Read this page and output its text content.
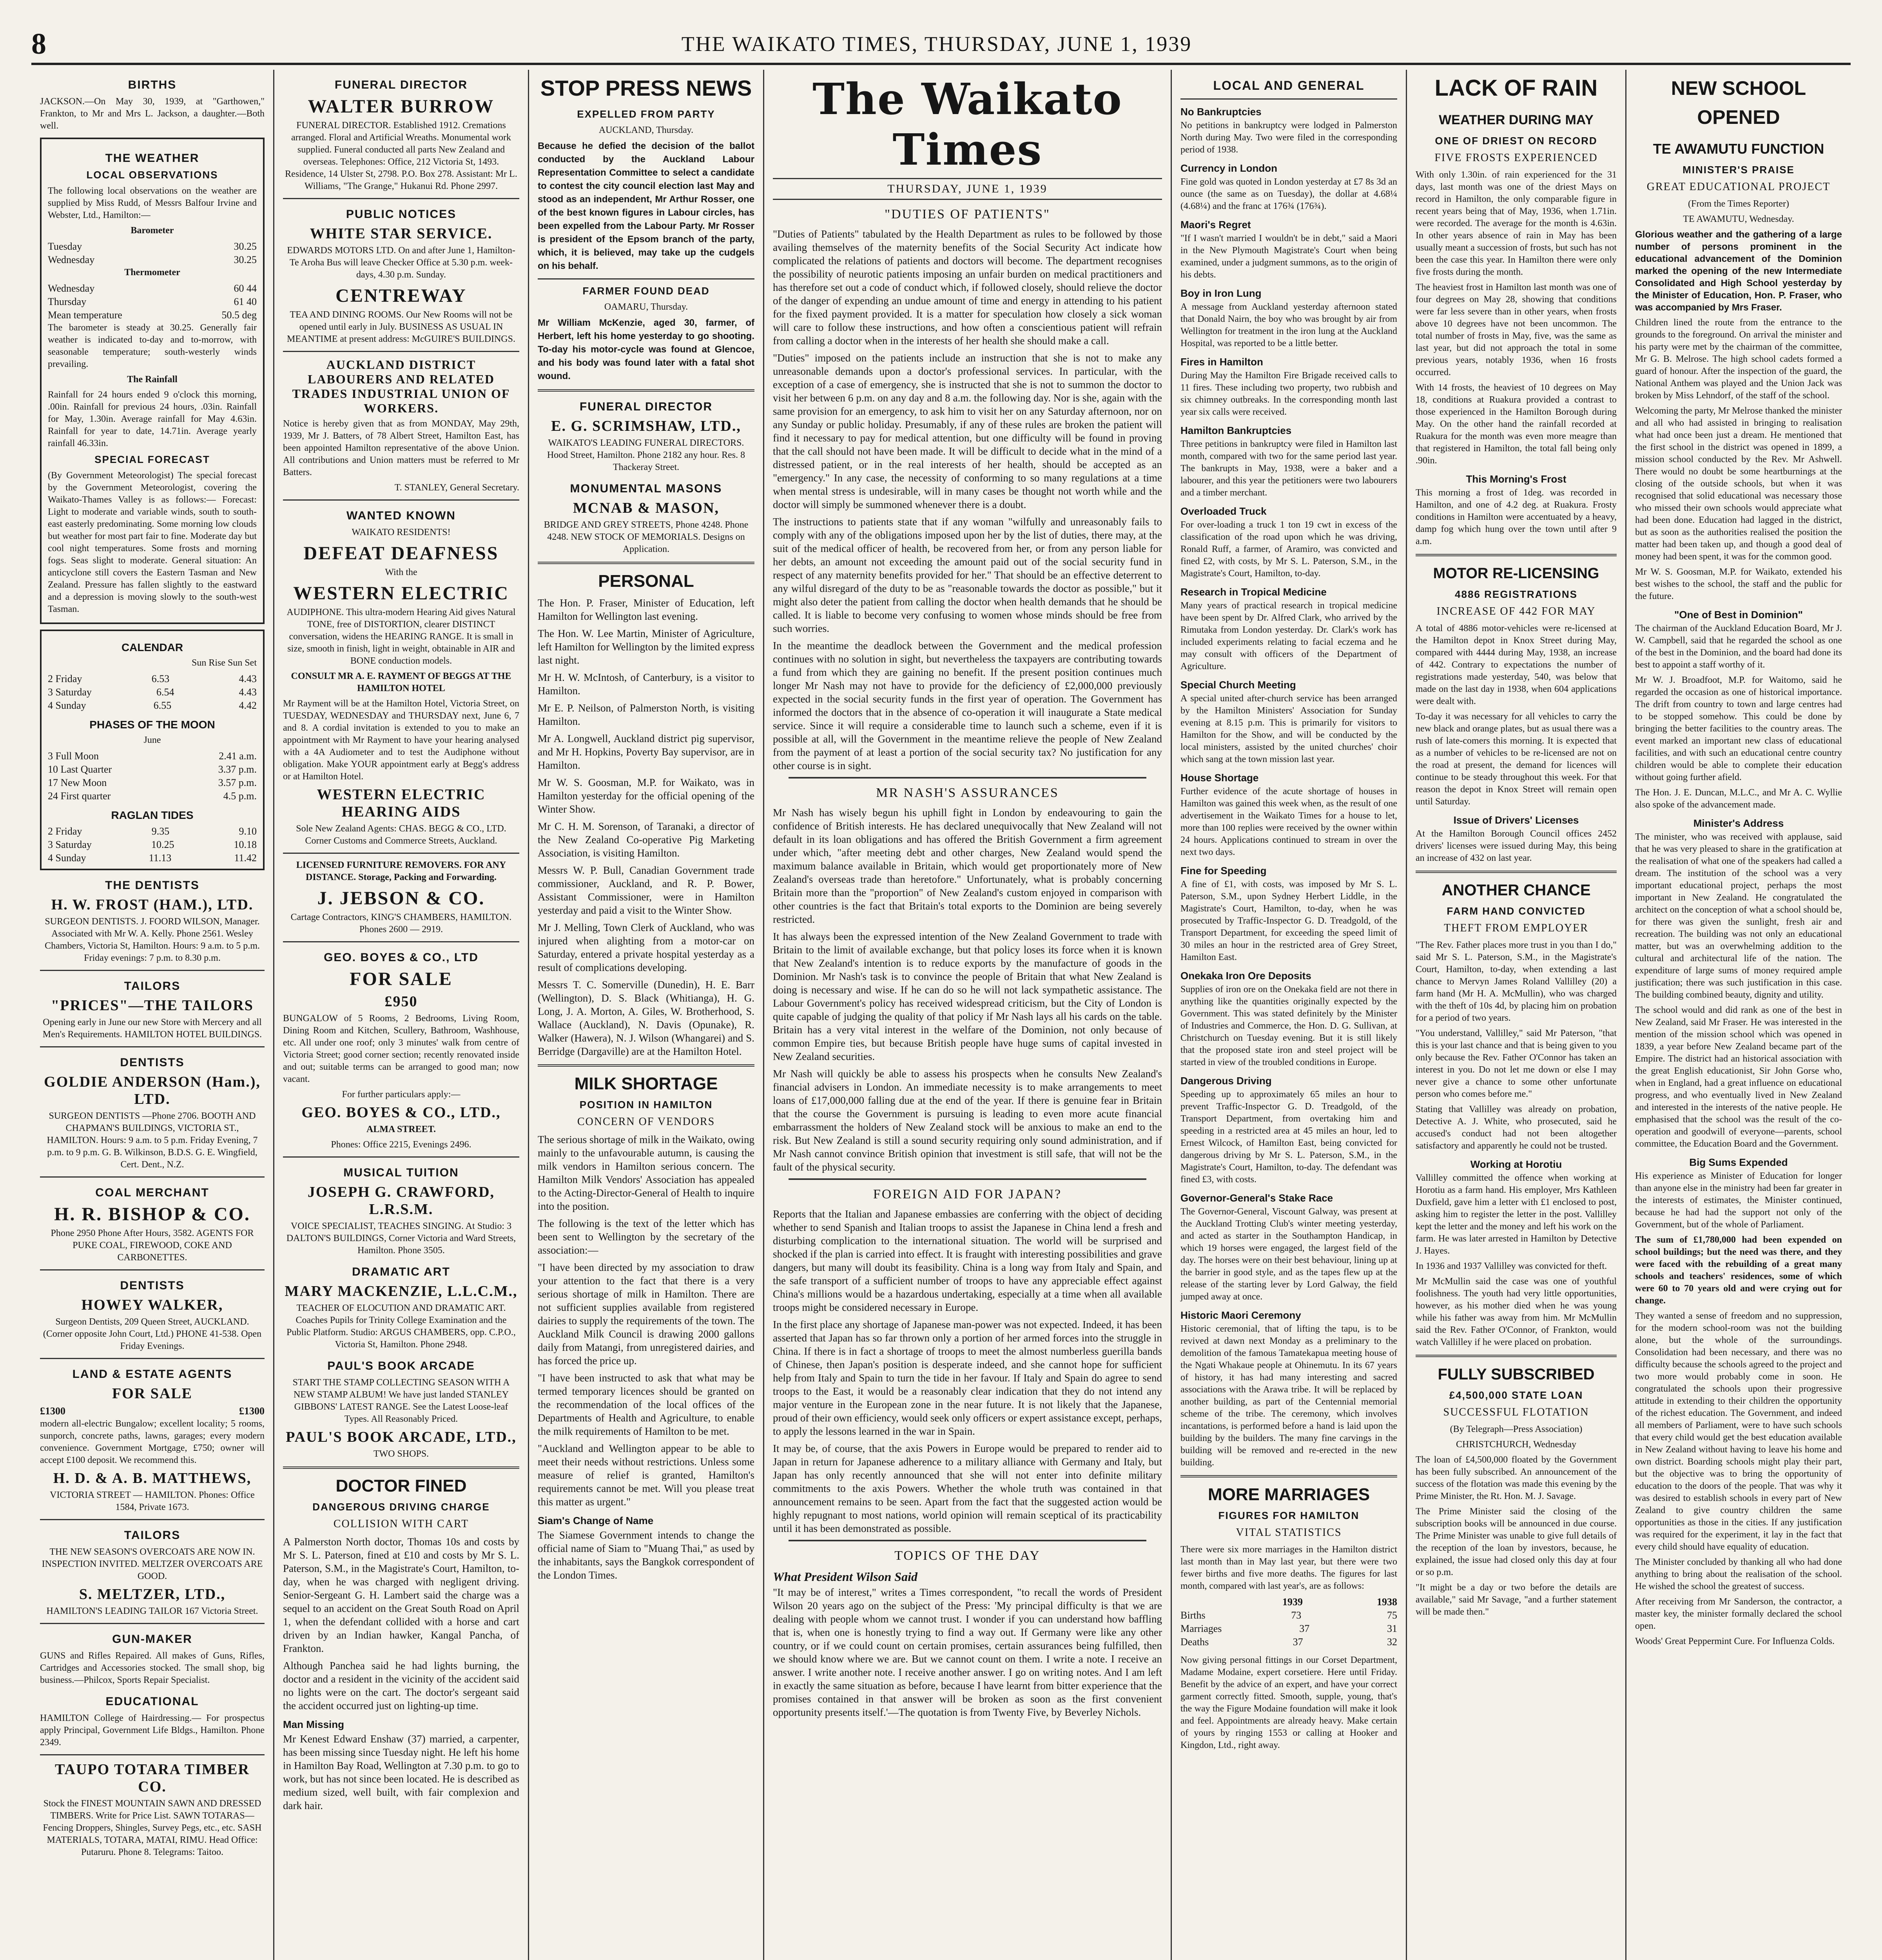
8	THE WAIKATO TIMES, THURSDAY, JUNE 1, 1939
BIRTHS

JACKSON.—On May 30, 1939, at "Garthowen," Frankton, to Mr and Mrs L. Jackson, a daughter.—Both well.

THE WEATHER
LOCAL OBSERVATIONS

The following local observations on the weather are supplied by Miss Rudd, of Messrs Balfour Irvine and Webster, Ltd., Hamilton:—

Barometer
Tuesday	30.25
Wednesday	30.25
Thermometer
Wednesday	60 44
Thursday	61 40
Mean temperature	50.5 deg

The barometer is steady at 30.25. Generally fair weather is indicated to-day and to-morrow, with seasonable temperature; south-westerly winds prevailing.

The Rainfall

Rainfall for 24 hours ended 9 o'clock this morning, .00in. Rainfall for previous 24 hours, .03in. Rainfall for May, 1.30in. Average rainfall for May 4.63in. Rainfall for year to date, 14.71in. Average yearly rainfall 46.33in.

SPECIAL FORECAST

(By Government Meteorologist) The special forecast by the Government Meteorologist, covering the Waikato-Thames Valley is as follows:— Forecast: Light to moderate and variable winds, south to south-east easterly predominating. Some morning low clouds but weather for most part fair to fine. Moderate day but cool night temperatures. Some frosts and morning fogs. Seas slight to moderate. General situation: An anticyclone still covers the Eastern Tasman and New Zealand. Pressure has fallen slightly to the eastward and a depression is moving slowly to the south-west Tasman.

CALENDAR
Sun Rise Sun Set
2 Friday	6.53	4.43
3 Saturday	6.54	4.43
4 Sunday	6.55	4.42
PHASES OF THE MOON
June
3 Full Moon	2.41 a.m.
10 Last Quarter	3.37 p.m.
17 New Moon	3.57 p.m.
24 First quarter	4.5 p.m.
RAGLAN TIDES
2 Friday	9.35	9.10
3 Saturday	10.25	10.18
4 Sunday	11.13	11.42
THE DENTISTS
H. W. FROST (HAM.), LTD.

SURGEON DENTISTS. J. FOORD WILSON, Manager. Associated with Mr W. A. Kelly. Phone 2561. Wesley Chambers, Victoria St, Hamilton. Hours: 9 a.m. to 5 p.m. Friday evenings: 7 p.m. to 8.30 p.m.

TAILORS
"PRICES"—THE TAILORS

Opening early in June our new Store with Mercery and all Men's Requirements. HAMILTON HOTEL BUILDINGS.

DENTISTS
GOLDIE ANDERSON (Ham.), LTD.

SURGEON DENTISTS —Phone 2706. BOOTH AND CHAPMAN'S BUILDINGS, VICTORIA ST., HAMILTON. Hours: 9 a.m. to 5 p.m. Friday Evening, 7 p.m. to 9 p.m. G. B. Wilkinson, B.D.S. G. E. Wingfield, Cert. Dent., N.Z.

COAL MERCHANT
H. R. BISHOP & CO.

Phone 2950 Phone After Hours, 3582. AGENTS FOR PUKE COAL, FIREWOOD, COKE AND CARBONETTES.

DENTISTS
HOWEY WALKER,

Surgeon Dentists, 209 Queen Street, AUCKLAND. (Corner opposite John Court, Ltd.) PHONE 41-538. Open Friday Evenings.

LAND & ESTATE AGENTS
FOR SALE
£1300	£1300

modern all-electric Bungalow; excellent locality; 5 rooms, sunporch, concrete paths, lawns, garages; every modern convenience. Government Mortgage, £750; owner will accept £100 deposit. We recommend this.

H. D. & A. B. MATTHEWS,

VICTORIA STREET — HAMILTON. Phones: Office 1584, Private 1673.

TAILORS

THE NEW SEASON'S OVERCOATS ARE NOW IN. INSPECTION INVITED. MELTZER OVERCOATS ARE GOOD.

S. MELTZER, LTD.,

HAMILTON'S LEADING TAILOR 167 Victoria Street.

GUN-MAKER

GUNS and Rifles Repaired. All makes of Guns, Rifles, Cartridges and Accessories stocked. The small shop, big business.—Philcox, Sports Repair Specialist.

EDUCATIONAL

HAMILTON College of Hairdressing.— For prospectus apply Principal, Government Life Bldgs., Hamilton. Phone 2349.

TAUPO TOTARA TIMBER CO.

Stock the FINEST MOUNTAIN SAWN AND DRESSED TIMBERS. Write for Price List. SAWN TOTARAS—Fencing Droppers, Shingles, Survey Pegs, etc., etc. SASH MATERIALS, TOTARA, MATAI, RIMU. Head Office: Putaruru. Phone 8. Telegrams: Taitoo.

FUNERAL DIRECTOR
WALTER BURROW

FUNERAL DIRECTOR. Established 1912. Cremations arranged. Floral and Artificial Wreaths. Monumental work supplied. Funeral conducted all parts New Zealand and overseas. Telephones: Office, 212 Victoria St, 1493. Residence, 14 Ulster St, 2798. P.O. Box 278. Assistant: Mr L. Williams, "The Grange," Hukanui Rd. Phone 2997.

PUBLIC NOTICES
WHITE STAR SERVICE.

EDWARDS MOTORS LTD. On and after June 1, Hamilton-Te Aroha Bus will leave Checker Office at 5.30 p.m. week-days, 4.30 p.m. Sunday.

CENTREWAY

TEA AND DINING ROOMS. Our New Rooms will not be opened until early in July. BUSINESS AS USUAL IN MEANTIME at present address: McGUIRE'S BUILDINGS.

AUCKLAND DISTRICT LABOURERS AND RELATED TRADES INDUSTRIAL UNION OF WORKERS.

Notice is hereby given that as from MONDAY, May 29th, 1939, Mr J. Batters, of 78 Albert Street, Hamilton East, has been appointed Hamilton representative of the above Union. All contributions and Union matters must be referred to Mr Batters.

T. STANLEY, General Secretary.

WANTED KNOWN
WAIKATO RESIDENTS!
DEFEAT DEAFNESS
With the
WESTERN ELECTRIC

AUDIPHONE. This ultra-modern Hearing Aid gives Natural TONE, free of DISTORTION, clearer DISTINCT conversation, widens the HEARING RANGE. It is small in size, smooth in finish, light in weight, obtainable in AIR and BONE conduction models.

CONSULT MR A. E. RAYMENT OF BEGGS AT THE HAMILTON HOTEL

Mr Rayment will be at the Hamilton Hotel, Victoria Street, on TUESDAY, WEDNESDAY and THURSDAY next, June 6, 7 and 8. A cordial invitation is extended to you to make an appointment with Mr Rayment to have your hearing analysed with a 4A Audiometer and to test the Audiphone without obligation. Make YOUR appointment early at Begg's address or at Hamilton Hotel.

WESTERN ELECTRIC HEARING AIDS

Sole New Zealand Agents: CHAS. BEGG & CO., LTD. Corner Customs and Commerce Streets, Auckland.

LICENSED FURNITURE REMOVERS. FOR ANY DISTANCE. Storage, Packing and Forwarding.

J. JEBSON & CO.

Cartage Contractors, KING'S CHAMBERS, HAMILTON. Phones 2600 — 2919.

GEO. BOYES & CO., LTD
FOR SALE
£950

BUNGALOW of 5 Rooms, 2 Bedrooms, Living Room, Dining Room and Kitchen, Scullery, Bathroom, Washhouse, etc. All under one roof; only 3 minutes' walk from centre of Victoria Street; good corner section; recently renovated inside and out; suitable terms can be arranged to good man; now vacant.

For further particulars apply:—

GEO. BOYES & CO., LTD.,
ALMA STREET.

Phones: Office 2215, Evenings 2496.

MUSICAL TUITION
JOSEPH G. CRAWFORD, L.R.S.M.

VOICE SPECIALIST, TEACHES SINGING. At Studio: 3 DALTON'S BUILDINGS, Corner Victoria and Ward Streets, Hamilton. Phone 3505.

DRAMATIC ART
MARY MACKENZIE, L.L.C.M.,

TEACHER OF ELOCUTION AND DRAMATIC ART. Coaches Pupils for Trinity College Examination and the Public Platform. Studio: ARGUS CHAMBERS, opp. C.P.O., Victoria St, Hamilton. Phone 2948.

PAUL'S BOOK ARCADE

START THE STAMP COLLECTING SEASON WITH A NEW STAMP ALBUM! We have just landed STANLEY GIBBONS' LATEST RANGE. See the Latest Loose-leaf Types. All Reasonably Priced.

PAUL'S BOOK ARCADE, LTD.,
TWO SHOPS.
DOCTOR FINED
DANGEROUS DRIVING CHARGE
COLLISION WITH CART

A Palmerston North doctor, Thomas 10s and costs by Mr S. L. Paterson, fined at £10 and costs by Mr S. L. Paterson, S.M., in the Magistrate's Court, Hamilton, to-day, when he was charged with negligent driving. Senior-Sergeant G. H. Lambert said the charge was a sequel to an accident on the Great South Road on April 1, when the defendant collided with a horse and cart driven by an Indian hawker, Kangal Pancha, of Frankton.

Although Panchea said he had lights burning, the doctor and a resident in the vicinity of the accident said no lights were on the cart. The doctor's sergeant said the accident occurred just on lighting-up time.

Man Missing

Mr Kenest Edward Enshaw (37) married, a carpenter, has been missing since Tuesday night. He left his home in Hamilton Bay Road, Wellington at 7.30 p.m. to go to work, but has not since been located. He is described as medium sized, well built, with fair complexion and dark hair.

STOP PRESS NEWS
EXPELLED FROM PARTY
AUCKLAND, Thursday.

Because he defied the decision of the ballot conducted by the Auckland Labour Representation Committee to select a candidate to contest the city council election last May and stood as an independent, Mr Arthur Rosser, one of the best known figures in Labour circles, has been expelled from the Labour Party. Mr Rosser is president of the Epsom branch of the party, which, it is believed, may take up the cudgels on his behalf.

FARMER FOUND DEAD
OAMARU, Thursday.

Mr William McKenzie, aged 30, farmer, of Herbert, left his home yesterday to go shooting. To-day his motor-cycle was found at Glencoe, and his body was found later with a fatal shot wound.

FUNERAL DIRECTOR
E. G. SCRIMSHAW, LTD.,

WAIKATO'S LEADING FUNERAL DIRECTORS. Hood Street, Hamilton. Phone 2182 any hour. Res. 8 Thackeray Street.

MONUMENTAL MASONS
MCNAB & MASON,

BRIDGE AND GREY STREETS, Phone 4248. Phone 4248. NEW STOCK OF MEMORIALS. Designs on Application.

PERSONAL

The Hon. P. Fraser, Minister of Education, left Hamilton for Wellington last evening.

The Hon. W. Lee Martin, Minister of Agriculture, left Hamilton for Wellington by the limited express last night.

Mr H. W. McIntosh, of Canterbury, is a visitor to Hamilton.

Mr E. P. Neilson, of Palmerston North, is visiting Hamilton.

Mr A. Longwell, Auckland district pig supervisor, and Mr H. Hopkins, Poverty Bay supervisor, are in Hamilton.

Mr W. S. Goosman, M.P. for Waikato, was in Hamilton yesterday for the official opening of the Winter Show.

Mr C. H. M. Sorenson, of Taranaki, a director of the New Zealand Co-operative Pig Marketing Association, is visiting Hamilton.

Messrs W. P. Bull, Canadian Government trade commissioner, Auckland, and R. P. Bower, Assistant Commissioner, were in Hamilton yesterday and paid a visit to the Winter Show.

Mr J. Melling, Town Clerk of Auckland, who was injured when alighting from a motor-car on Saturday, entered a private hospital yesterday as a result of complications developing.

Messrs T. C. Somerville (Dunedin), H. E. Barr (Wellington), D. S. Black (Whitianga), H. G. Long, J. A. Morton, A. Giles, W. Brotherhood, S. Wallace (Auckland), N. Davis (Opunake), R. Walker (Hawera), N. J. Wilson (Whangarei) and S. Berridge (Dargaville) are at the Hamilton Hotel.

MILK SHORTAGE
POSITION IN HAMILTON
CONCERN OF VENDORS

The serious shortage of milk in the Waikato, owing mainly to the unfavourable autumn, is causing the milk vendors in Hamilton serious concern. The Hamilton Milk Vendors' Association has appealed to the Acting-Director-General of Health to inquire into the position.

The following is the text of the letter which has been sent to Wellington by the secretary of the association:—

"I have been directed by my association to draw your attention to the fact that there is a very serious shortage of milk in Hamilton. There are not sufficient supplies available from registered dairies to supply the requirements of the town. The Auckland Milk Council is drawing 2000 gallons daily from Matangi, from unregistered dairies, and has forced the price up.

"I have been instructed to ask that what may be termed temporary licences should be granted on the recommendation of the local offices of the Departments of Health and Agriculture, to enable the milk requirements of Hamilton to be met.

"Auckland and Wellington appear to be able to meet their needs without restrictions. Unless some measure of relief is granted, Hamilton's requirements cannot be met. Will you please treat this matter as urgent."

Siam's Change of Name

The Siamese Government intends to change the official name of Siam to "Muang Thai," as used by the inhabitants, says the Bangkok correspondent of the London Times.

The Waikato Times
THURSDAY, JUNE 1, 1939
"DUTIES OF PATIENTS"

"Duties of Patients" tabulated by the Health Department as rules to be followed by those availing themselves of the maternity benefits of the Social Security Act indicate how complicated the relations of patients and doctors will become. The department recognises the possibility of neurotic patients imposing an unfair burden on medical practitioners and has therefore set out a code of conduct which, if followed closely, should relieve the doctor of the danger of expending an undue amount of time and energy in attending to his patient for the fixed payment provided. It is a matter for speculation how closely a sick woman will care to follow these instructions, and how often a conscientious patient will refrain from calling a doctor when in the interests of her health she should make a call.

"Duties" imposed on the patients include an instruction that she is not to make any unreasonable demands upon a doctor's professional services. In particular, with the exception of a case of emergency, she is instructed that she is not to summon the doctor to visit her between 6 p.m. on any day and 8 a.m. the following day. Nor is she, again with the same provision for an emergency, to ask him to visit her on any Saturday afternoon, nor on any Sunday or public holiday. Presumably, if any of these rules are broken the patient will find it necessary to pay for medical attention, but one difficulty will be found in proving that the call should not have been made. It will be difficult to decide what in the mind of a distressed patient, or in the real interests of her health, should be accepted as an "emergency." In any case, the necessity of conforming to so many regulations at a time when mental stress is undesirable, will in many cases be thought not worth while and the doctor will simply be summoned whenever there is a doubt.

The instructions to patients state that if any woman "wilfully and unreasonably fails to comply with any of the obligations imposed upon her by the list of duties, there may, at the suit of the medical officer of health, be recovered from her, or from any person liable for her debts, an amount not exceeding the amount paid out of the social security fund in respect of any maternity benefits provided for her." That should be an effective deterrent to any wilful disregard of the duty to be as "reasonable towards the doctor as possible," but it might also deter the patient from calling the doctor when health demands that he should be called. It is liable to become very confusing to women whose minds should be free from such worries.

In the meantime the deadlock between the Government and the medical profession continues with no solution in sight, but nevertheless the taxpayers are contributing towards a fund from which they are gaining no benefit. If the present position continues much longer Mr Nash may not have to provide for the deficiency of £2,000,000 previously expected in the social security funds in the first year of operation. The Government has informed the doctors that in the absence of co-operation it will inaugurate a State medical service. Since it will require a considerable time to launch such a scheme, even if it is possible at all, will the Government in the meantime relieve the people of New Zealand from the payment of at least a portion of the social security tax? No justification for any other course is in sight.

MR NASH'S ASSURANCES

Mr Nash has wisely begun his uphill fight in London by endeavouring to gain the confidence of British interests. He has declared unequivocally that New Zealand will not default in its loan obligations and has offered the British Government a firm agreement under which, "after meeting debt and other charges, New Zealand would spend the maximum balance available in Britain, which would get proportionately more of New Zealand's overseas trade than heretofore." Unfortunately, what is probably concerning Britain more than the "proportion" of New Zealand's custom enjoyed in comparison with other countries is the fact that Britain's total exports to the Dominion are being severely restricted.

It has always been the expressed intention of the New Zealand Government to trade with Britain to the limit of available exchange, but that policy loses its force when it is known that New Zealand's intention is to reduce exports by the manufacture of goods in the Dominion. Mr Nash's task is to convince the people of Britain that what New Zealand is doing is necessary and wise. If he can do so he will not lack sympathetic assistance. The Labour Government's policy has received widespread criticism, but the City of London is quite capable of judging the quality of that policy if Mr Nash lays all his cards on the table. Britain has a very vital interest in the welfare of the Dominion, not only because of common Empire ties, but because British people have huge sums of capital invested in New Zealand securities.

Mr Nash will quickly be able to assess his prospects when he consults New Zealand's financial advisers in London. An immediate necessity is to make arrangements to meet loans of £17,000,000 falling due at the end of the year. If there is genuine fear in Britain that the course the Government is pursuing is leading to even more acute financial embarrassment the holders of New Zealand stock will be anxious to make an end to the risk. But New Zealand is still a sound security requiring only sound administration, and if Mr Nash cannot convince British opinion that investment is still safe, that will not be the fault of the physical security.

FOREIGN AID FOR JAPAN?

Reports that the Italian and Japanese embassies are conferring with the object of deciding whether to send Spanish and Italian troops to assist the Japanese in China lend a fresh and disturbing complication to the international situation. The world will be surprised and shocked if the plan is carried into effect. It is fraught with interesting possibilities and grave dangers, but many will doubt its feasibility. China is a long way from Italy and Spain, and the safe transport of a sufficient number of troops to have any appreciable effect against China's millions would be a hazardous undertaking, especially at a time when all available troops might be considered necessary in Europe.

In the first place any shortage of Japanese man-power was not expected. Indeed, it has been asserted that Japan has so far thrown only a portion of her armed forces into the struggle in China. If there is in fact a shortage of troops to meet the almost numberless guerilla bands of Chinese, then Japan's position is desperate indeed, and she cannot hope for sufficient help from Italy and Spain to turn the tide in her favour. If Italy and Spain do agree to send troops to the East, it would be a reasonably clear indication that they do not intend any major venture in the European zone in the near future. It is not likely that the Japanese, proud of their own efficiency, would seek only officers or expert assistance except, perhaps, to apply the lessons learned in the war in Spain.

It may be, of course, that the axis Powers in Europe would be prepared to render aid to Japan in return for Japanese adherence to a military alliance with Germany and Italy, but Japan has only recently announced that she will not enter into definite military commitments to the axis Powers. Whether the whole truth was contained in that announcement remains to be seen. Apart from the fact that the suggested action would be highly repugnant to most nations, world opinion will remain sceptical of its practicability until it has been demonstrated as possible.

TOPICS OF THE DAY
What President Wilson Said

"It may be of interest," writes a Times correspondent, "to recall the words of President Wilson 20 years ago on the subject of the Press: 'My principal difficulty is that we are dealing with people whom we cannot trust. I wonder if you can understand how baffling that is, when one is honestly trying to find a way out. If Germany were like any other country, or if we could count on certain promises, certain assurances being fulfilled, then we should know where we are. But we cannot count on them. I write a note. I receive an answer. I write another note. I receive another answer. I go on writing notes. And I am left in exactly the same situation as before, because I have learnt from bitter experience that the promises contained in that answer will be broken as soon as the first convenient opportunity presents itself.'—The quotation is from Twenty Five, by Beverley Nichols.

LOCAL AND GENERAL
No Bankruptcies

No petitions in bankruptcy were lodged in Palmerston North during May. Two were filed in the corresponding period of 1938.

Currency in London

Fine gold was quoted in London yesterday at £7 8s 3d an ounce (the same as on Tuesday), the dollar at 4.68¼ (4.68¼) and the franc at 176¾ (176¾).

Maori's Regret

"If I wasn't married I wouldn't be in debt," said a Maori in the New Plymouth Magistrate's Court when being examined, under a judgment summons, as to the origin of his debts.

Boy in Iron Lung

A message from Auckland yesterday afternoon stated that Donald Nairn, the boy who was brought by air from Wellington for treatment in the iron lung at the Auckland Hospital, was reported to be a little better.

Fires in Hamilton

During May the Hamilton Fire Brigade received calls to 11 fires. These including two property, two rubbish and six chimney outbreaks. In the corresponding month last year six calls were received.

Hamilton Bankruptcies

Three petitions in bankruptcy were filed in Hamilton last month, compared with two for the same period last year. The bankrupts in May, 1938, were a baker and a labourer, and this year the petitioners were two labourers and a timber merchant.

Overloaded Truck

For over-loading a truck 1 ton 19 cwt in excess of the classification of the road upon which he was driving, Ronald Ruff, a farmer, of Aramiro, was convicted and fined £2, with costs, by Mr S. L. Paterson, S.M., in the Magistrate's Court, Hamilton, to-day.

Research in Tropical Medicine

Many years of practical research in tropical medicine have been spent by Dr. Alfred Clark, who arrived by the Rimutaka from London yesterday. Dr. Clark's work has included experiments relating to facial eczema and he may consult with officers of the Department of Agriculture.

Special Church Meeting

A special united after-church service has been arranged by the Hamilton Ministers' Association for Sunday evening at 8.15 p.m. This is primarily for visitors to Hamilton for the Show, and will be conducted by the local ministers, assisted by the united churches' choir which sang at the town mission last year.

House Shortage

Further evidence of the acute shortage of houses in Hamilton was gained this week when, as the result of one advertisement in the Waikato Times for a house to let, more than 100 replies were received by the owner within 24 hours. Applications continued to stream in over the next two days.

Fine for Speeding

A fine of £1, with costs, was imposed by Mr S. L. Paterson, S.M., upon Sydney Herbert Liddle, in the Magistrate's Court, Hamilton, to-day, when he was prosecuted by Traffic-Inspector G. D. Treadgold, of the Transport Department, for exceeding the speed limit of 30 miles an hour in the restricted area of Grey Street, Hamilton East.

Onekaka Iron Ore Deposits

Supplies of iron ore on the Onekaka field are not there in anything like the quantities originally expected by the Government. This was stated definitely by the Minister of Industries and Commerce, the Hon. D. G. Sullivan, at Christchurch on Tuesday evening. But it is still likely that the proposed state iron and steel project will be started in view of the troubled conditions in Europe.

Dangerous Driving

Speeding up to approximately 65 miles an hour to prevent Traffic-Inspector G. D. Treadgold, of the Transport Department, from overtaking him and speeding in a restricted area at 45 miles an hour, led to Ernest Wilcock, of Hamilton East, being convicted for dangerous driving by Mr S. L. Paterson, S.M., in the Magistrate's Court, Hamilton, to-day. The defendant was fined £3, with costs.

Governor-General's Stake Race

The Governor-General, Viscount Galway, was present at the Auckland Trotting Club's winter meeting yesterday, and acted as starter in the Southampton Handicap, in which 19 horses were engaged, the largest field of the day. The horses were on their best behaviour, lining up at the barrier in good style, and as the tapes flew up at the release of the starting lever by Lord Galway, the field jumped away at once.

Historic Maori Ceremony

Historic ceremonial, that of lifting the tapu, is to be revived at dawn next Monday as a preliminary to the demolition of the famous Tamatekapua meeting house of the Ngati Whakaue people at Ohinemutu. In its 67 years of history, it has had many interesting and sacred associations with the Arawa tribe. It will be replaced by another building, as part of the Centennial memorial scheme of the tribe. The ceremony, which involves incantations, is performed before a hand is laid upon the building by the builders. The many fine carvings in the building will be removed and re-erected in the new building.

MORE MARRIAGES
FIGURES FOR HAMILTON
VITAL STATISTICS

There were six more marriages in the Hamilton district last month than in May last year, but there were two fewer births and five more deaths. The figures for last month, compared with last year's, are as follows:

1939	1938
Births	73	75
Marriages	37	31
Deaths	37	32

Now giving personal fittings in our Corset Department, Madame Modaine, expert corsetiere. Here until Friday. Benefit by the advice of an expert, and have your correct garment correctly fitted. Smooth, supple, young, that's the way the Figure Modaine foundation will make it look and feel. Appointments are already heavy. Make certain of yours by ringing 1553 or calling at Hooker and Kingdon, Ltd., right away.

LACK OF RAIN
WEATHER DURING MAY
ONE OF DRIEST ON RECORD
FIVE FROSTS EXPERIENCED

With only 1.30in. of rain experienced for the 31 days, last month was one of the driest Mays on record in Hamilton, the only comparable figure in recent years being that of May, 1936, when 1.71in. were recorded. The average for the month is 4.63in. In other years absence of rain in May has been usually meant a succession of frosts, but such has not been the case this year. In Hamilton there were only five frosts during the month.

The heaviest frost in Hamilton last month was one of four degrees on May 28, showing that conditions were far less severe than in other years, when frosts above 10 degrees have not been uncommon. The total number of frosts in May, five, was the same as last year, but did not approach the total in some previous years, notably 1936, when 16 frosts occurred.

With 14 frosts, the heaviest of 10 degrees on May 18, conditions at Ruakura provided a contrast to those experienced in the Hamilton Borough during May. On the other hand the rainfall recorded at Ruakura for the month was even more meagre than that registered in Hamilton, the total fall being only .90in.

This Morning's Frost

This morning a frost of 1deg. was recorded in Hamilton, and one of 4.2 deg. at Ruakura. Frosty conditions in Hamilton were accentuated by a heavy, damp fog which hung over the town until after 9 a.m.

MOTOR RE-LICENSING
4886 REGISTRATIONS
INCREASE OF 442 FOR MAY

A total of 4886 motor-vehicles were re-licensed at the Hamilton depot in Knox Street during May, compared with 4444 during May, 1938, an increase of 442. Contrary to expectations the number of registrations made yesterday, 540, was below that made on the last day in 1938, when 604 applications were dealt with.

To-day it was necessary for all vehicles to carry the new black and orange plates, but as usual there was a rush of late-comers this morning. It is expected that as a number of vehicles to be re-licensed are not on the road at present, the demand for licences will continue to be steady throughout this week. For that reason the depot in Knox Street will remain open until Saturday.

Issue of Drivers' Licenses

At the Hamilton Borough Council offices 2452 drivers' licenses were issued during May, this being an increase of 432 on last year.

ANOTHER CHANCE
FARM HAND CONVICTED
THEFT FROM EMPLOYER

"The Rev. Father places more trust in you than I do," said Mr S. L. Paterson, S.M., in the Magistrate's Court, Hamilton, to-day, when extending a last chance to Mervyn James Roland Vallilley (20) a farm hand (Mr H. A. McMullin), who was charged with the theft of 10s 4d, by placing him on probation for a period of two years.

"You understand, Vallilley," said Mr Paterson, "that this is your last chance and that is being given to you only because the Rev. Father O'Connor has taken an interest in you. Do not let me down or else I may never give a chance to some other unfortunate person who comes before me."

Stating that Vallilley was already on probation, Detective A. J. White, who prosecuted, said he accused's conduct had not been altogether satisfactory and apparently he could not be trusted.

Working at Horotiu

Vallilley committed the offence when working at Horotiu as a farm hand. His employer, Mrs Kathleen Duxfield, gave him a letter with £1 enclosed to post, asking him to register the letter in the post. Vallilley kept the letter and the money and left his work on the farm. He was later arrested in Hamilton by Detective J. Hayes.

In 1936 and 1937 Vallilley was convicted for theft.

Mr McMullin said the case was one of youthful foolishness. The youth had very little opportunities, however, as his mother died when he was young while his father was away from him. Mr McMullin said the Rev. Father O'Connor, of Frankton, would watch Vallilley if he were placed on probation.

FULLY SUBSCRIBED
£4,500,000 STATE LOAN
SUCCESSFUL FLOTATION
(By Telegraph—Press Association)
CHRISTCHURCH, Wednesday

The loan of £4,500,000 floated by the Government has been fully subscribed. An announcement of the success of the flotation was made this evening by the Prime Minister, the Rt. Hon. M. J. Savage.

The Prime Minister said the closing of the subscription books will be announced in due course. The Prime Minister was unable to give full details of the reception of the loan by investors, because, he explained, the issue had closed only this day at four or so p.m.

"It might be a day or two before the details are available," said Mr Savage, "and a further statement will be made then."

NEW SCHOOL OPENED
TE AWAMUTU FUNCTION
MINISTER'S PRAISE
GREAT EDUCATIONAL PROJECT
(From the Times Reporter)
TE AWAMUTU, Wednesday.

Glorious weather and the gathering of a large number of persons prominent in the educational advancement of the Dominion marked the opening of the new Intermediate Consolidated and High School yesterday by the Minister of Education, Hon. P. Fraser, who was accompanied by Mrs Fraser.

Children lined the route from the entrance to the grounds to the foreground. On arrival the minister and his party were met by the chairman of the committee, Mr G. B. Melrose. The high school cadets formed a guard of honour. After the inspection of the guard, the National Anthem was played and the Union Jack was broken by Miss Lehndorf, of the staff of the school.

Welcoming the party, Mr Melrose thanked the minister and all who had assisted in bringing to realisation what had once been just a dream. He mentioned that the first school in the district was opened in 1899, a mission school conducted by the Rev. Mr Ashwell. There would no doubt be some heartburnings at the closing of the outside schools, but when it was recognised that solid educational was necessary those who missed their own schools would appreciate what had been done. Education had lagged in the district, but as soon as the authorities realised the position the matter had been taken up, and though a good deal of money had been spent, it was for the common good.

Mr W. S. Goosman, M.P. for Waikato, extended his best wishes to the school, the staff and the public for the future.

"One of Best in Dominion"

The chairman of the Auckland Education Board, Mr J. W. Campbell, said that he regarded the school as one of the best in the Dominion, and the board had done its best to appoint a staff worthy of it.

Mr W. J. Broadfoot, M.P. for Waitomo, said he regarded the occasion as one of historical importance. The drift from country to town and large centres had to be stopped somehow. This could be done by bringing the better facilities to the country areas. The event marked an important new class of educational facilities, and with such an educational centre country children would be able to complete their education without going further afield.

The Hon. J. E. Duncan, M.L.C., and Mr A. C. Wyllie also spoke of the advancement made.

Minister's Address

The minister, who was received with applause, said that he was very pleased to share in the gratification at the realisation of what one of the speakers had called a dream. The institution of the school was a very important educational project, perhaps the most important in New Zealand. He congratulated the architect on the conception of what a school should be, for there was given the sunlight, fresh air and recreation. The building was not only an educational matter, but was an overwhelming addition to the cultural and architectural life of the nation. The expenditure of large sums of money required ample justification; there was such justification in this case. The building combined beauty, dignity and utility.

The school would and did rank as one of the best in New Zealand, said Mr Fraser. He was interested in the mention of the mission school which was opened in 1839, a year before New Zealand became part of the Empire. The district had an historical association with the great English educationist, Sir John Gorse who, when in England, had a great influence on educational progress, and who eventually lived in New Zealand and interested in the interests of the native people. He emphasised that the school was the result of the co-operation and goodwill of everyone—parents, school committee, the Education Board and the Government.

Big Sums Expended

His experience as Minister of Education for longer than anyone else in the ministry had been far greater in the interests of estimates, the Minister continued, because he had had the support not only of the Government, but of the whole of Parliament.

The sum of £1,780,000 had been expended on school buildings; but the need was there, and they were faced with the rebuilding of a great many schools and teachers' residences, some of which were 60 to 70 years old and were crying out for change.

They wanted a sense of freedom and no suppression, for the modern school-room was not the building alone, but the whole of the surroundings. Consolidation had been necessary, and there was no difficulty because the schools agreed to the project and two more would probably come in soon. He congratulated the schools upon their progressive attitude in extending to their children the opportunity of the richest education. The Government, and indeed all members of Parliament, were to have such schools that every child would get the best education available in New Zealand without having to leave his home and own district. Boarding schools might play their part, but the objective was to bring the opportunity of education to the doors of the people. That was why it was desired to establish schools in every part of New Zealand to give country children the same opportunities as those in the cities. If any justification was required for the experiment, it lay in the fact that every child should have equality of education.

The Minister concluded by thanking all who had done anything to bring about the realisation of the school. He wished the school the greatest of success.

After receiving from Mr Sanderson, the contractor, a master key, the minister formally declared the school open.

Woods' Great Peppermint Cure. For Influenza Colds.
